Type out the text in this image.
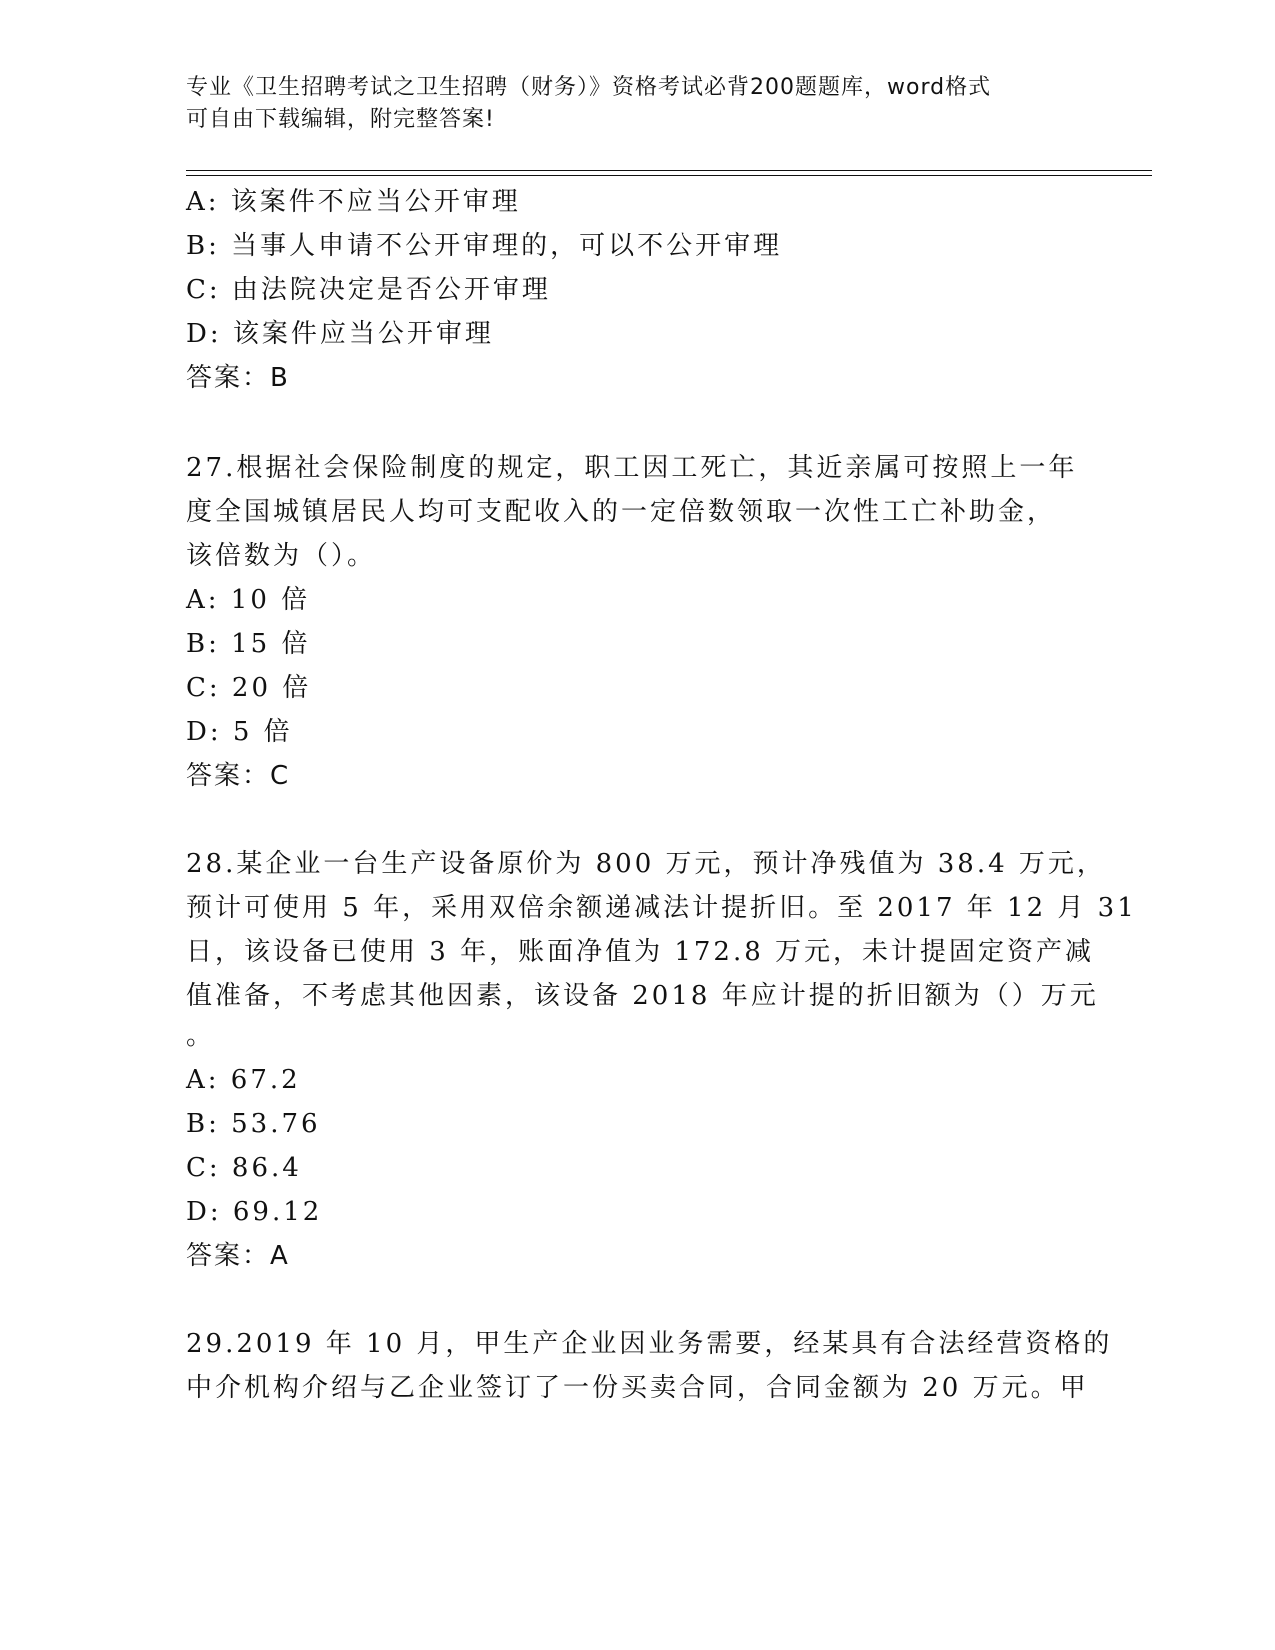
专业《卫生招聘考试之卫生招聘（财务）》资格考试必背200题题库，word格式
可自由下载编辑，附完整答案!
A: 该案件不应当公开审理
B: 当事人申请不公开审理的，可以不公开审理
C: 由法院决定是否公开审理
D: 该案件应当公开审理
答案：B
27.根据社会保险制度的规定，职工因工死亡，其近亲属可按照上一年
度全国城镇居民人均可支配收入的一定倍数领取一次性工亡补助金，
该倍数为（）。
A: 10 倍
B: 15 倍
C: 20 倍
D: 5 倍
答案：C
28.某企业一台生产设备原价为 800 万元，预计净残值为 38.4 万元，
预计可使用 5 年，采用双倍余额递减法计提折旧。至 2017 年 12 月 31
日，该设备已使用 3 年，账面净值为 172.8 万元，未计提固定资产减
值准备，不考虑其他因素，该设备 2018 年应计提的折旧额为（）万元
。
A: 67.2
B: 53.76
C: 86.4
D: 69.12
答案：A
29.2019 年 10 月，甲生产企业因业务需要，经某具有合法经营资格的
中介机构介绍与乙企业签订了一份买卖合同，合同金额为 20 万元。甲
